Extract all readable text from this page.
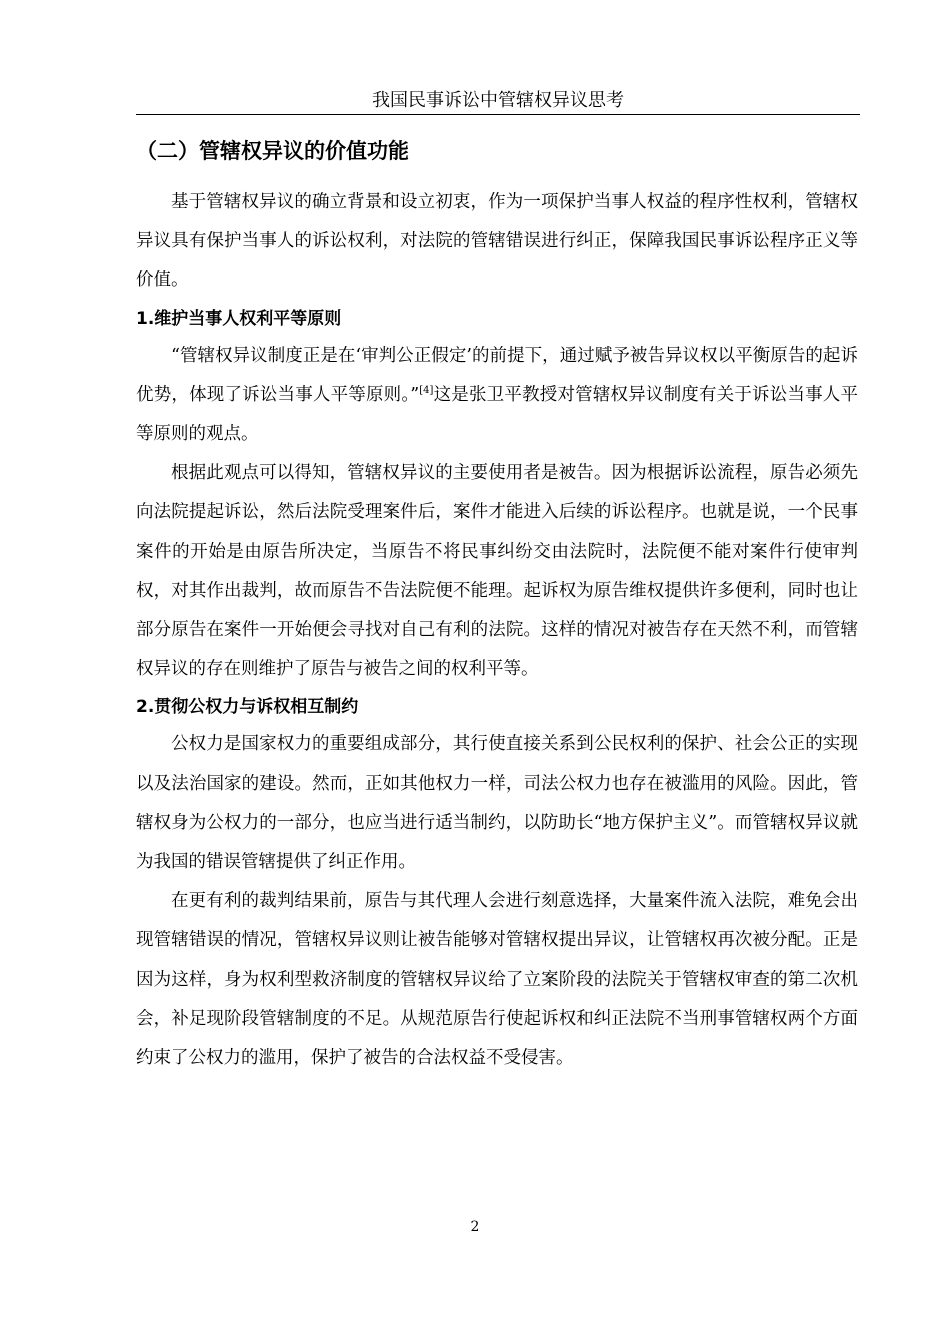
我国民事诉讼中管辖权异议思考
（二）管辖权异议的价值功能

基于管辖权异议的确立背景和设立初衷，作为一项保护当事人权益的程序性权利，管辖权异议具有保护当事人的诉讼权利，对法院的管辖错误进行纠正，保障我国民事诉讼程序正义等价值。

1.维护当事人权利平等原则

“管辖权异议制度正是在‘审判公正假定’的前提下，通过赋予被告异议权以平衡原告的起诉优势，体现了诉讼当事人平等原则。”[4]这是张卫平教授对管辖权异议制度有关于诉讼当事人平等原则的观点。

根据此观点可以得知，管辖权异议的主要使用者是被告。因为根据诉讼流程，原告必须先向法院提起诉讼，然后法院受理案件后，案件才能进入后续的诉讼程序。也就是说，一个民事案件的开始是由原告所决定，当原告不将民事纠纷交由法院时，法院便不能对案件行使审判权，对其作出裁判，故而原告不告法院便不能理。起诉权为原告维权提供许多便利，同时也让部分原告在案件一开始便会寻找对自己有利的法院。这样的情况对被告存在天然不利，而管辖权异议的存在则维护了原告与被告之间的权利平等。

2.贯彻公权力与诉权相互制约

公权力是国家权力的重要组成部分，其行使直接关系到公民权利的保护、社会公正的实现以及法治国家的建设。然而，正如其他权力一样，司法公权力也存在被滥用的风险。因此，管辖权身为公权力的一部分，也应当进行适当制约，以防助长“地方保护主义”。而管辖权异议就为我国的错误管辖提供了纠正作用。

在更有利的裁判结果前，原告与其代理人会进行刻意选择，大量案件流入法院，难免会出现管辖错误的情况，管辖权异议则让被告能够对管辖权提出异议，让管辖权再次被分配。正是因为这样，身为权利型救济制度的管辖权异议给了立案阶段的法院关于管辖权审查的第二次机会，补足现阶段管辖制度的不足。从规范原告行使起诉权和纠正法院不当刑事管辖权两个方面约束了公权力的滥用，保护了被告的合法权益不受侵害。

2
